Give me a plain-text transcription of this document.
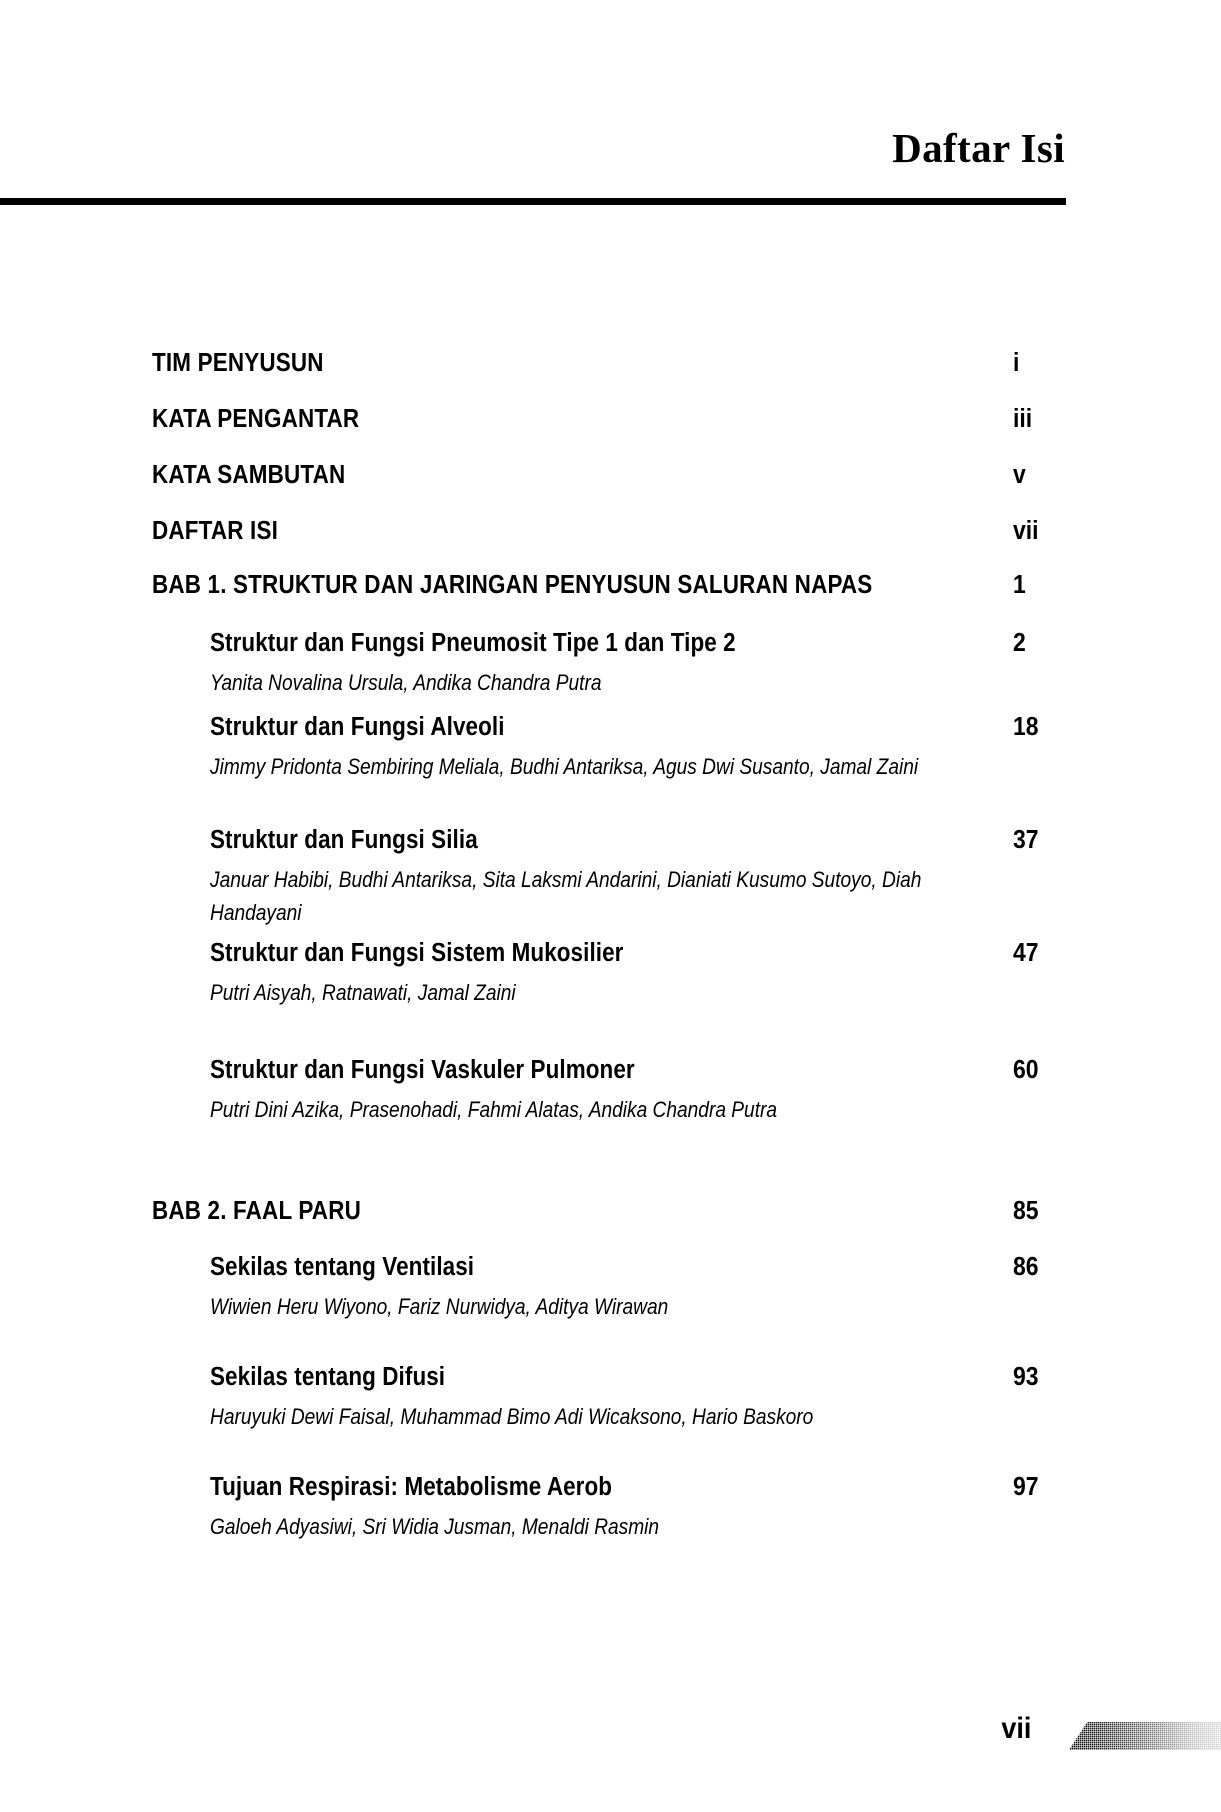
Daftar Isi
TIM PENYUSUN	i
KATA PENGANTAR	iii
KATA SAMBUTAN	v
DAFTAR ISI	vii
BAB 1. STRUKTUR DAN JARINGAN PENYUSUN SALURAN NAPAS	1
Struktur dan Fungsi Pneumosit Tipe 1 dan Tipe 2	2
Yanita Novalina Ursula, Andika Chandra Putra
Struktur dan Fungsi Alveoli	18
Jimmy Pridonta Sembiring Meliala, Budhi Antariksa, Agus Dwi Susanto, Jamal Zaini
Struktur dan Fungsi Silia	37
Januar Habibi, Budhi Antariksa, Sita Laksmi Andarini, Dianiati Kusumo Sutoyo, Diah Handayani
Struktur dan Fungsi Sistem Mukosilier	47
Putri Aisyah, Ratnawati, Jamal Zaini
Struktur dan Fungsi Vaskuler Pulmoner	60
Putri Dini Azika, Prasenohadi, Fahmi Alatas, Andika Chandra Putra
BAB 2. FAAL PARU	85
Sekilas tentang Ventilasi	86
Wiwien Heru Wiyono, Fariz Nurwidya, Aditya Wirawan
Sekilas tentang Difusi	93
Haruyuki Dewi Faisal, Muhammad Bimo Adi Wicaksono, Hario Baskoro
Tujuan Respirasi: Metabolisme Aerob	97
Galoeh Adyasiwi, Sri Widia Jusman, Menaldi Rasmin
vii
